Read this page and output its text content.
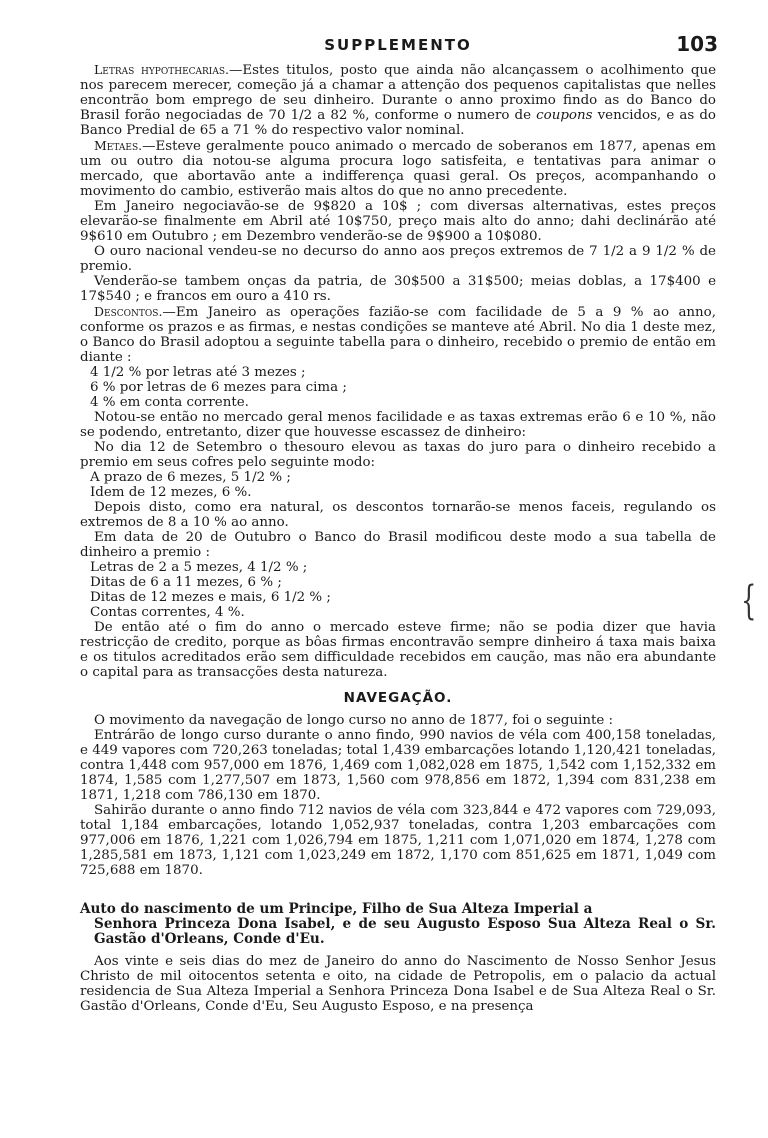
SUPPLEMENTO	103

Letras hypothecarias.—Estes titulos, posto que ainda não alcançassem o acolhimento que nos parecem merecer, começão já a chamar a attenção dos pequenos capitalistas que nelles encontrão bom emprego de seu dinheiro. Durante o anno proximo findo as do Banco do Brasil forão negociadas de 70 1/2 a 82 %, conforme o numero de coupons vencidos, e as do Banco Predial de 65 a 71 % do respectivo valor nominal.

Metaes.—Esteve geralmente pouco animado o mercado de soberanos em 1877, apenas em um ou outro dia notou-se alguma procura logo satisfeita, e tentativas para animar o mercado, que abortavão ante a indifferença quasi geral. Os preços, acompanhando o movimento do cambio, estiverão mais altos do que no anno precedente.

Em Janeiro negociavão-se de 9$820 a 10$ ; com diversas alternativas, estes preços elevarão-se finalmente em Abril até 10$750, preço mais alto do anno; dahi declinárão até 9$610 em Outubro ; em Dezembro venderão-se de 9$900 a 10$080.

O ouro nacional vendeu-se no decurso do anno aos preços extremos de 7 1/2 a 9 1/2 % de premio.

Venderão-se tambem onças da patria, de 30$500 a 31$500; meias doblas, a 17$400 e 17$540 ; e francos em ouro a 410 rs.

Descontos.—Em Janeiro as operações fazião-se com facilidade de 5 a 9 % ao anno, conforme os prazos e as firmas, e nestas condições se manteve até Abril. No dia 1 deste mez, o Banco do Brasil adoptou a seguinte tabella para o dinheiro, recebido o premio de então em diante :

4 1/2 % por letras até 3 mezes ;

6 % por letras de 6 mezes para cima ;

4 % em conta corrente.

Notou-se então no mercado geral menos facilidade e as taxas extremas erão 6 e 10 %, não se podendo, entretanto, dizer que houvesse escassez de dinheiro:

No dia 12 de Setembro o thesouro elevou as taxas do juro para o dinheiro recebido a premio em seus cofres pelo seguinte modo:

A prazo de 6 mezes, 5 1/2 % ;

Idem de 12 mezes, 6 %.

Depois disto, como era natural, os descontos tornarão-se menos faceis, regulando os extremos de 8 a 10 % ao anno.

Em data de 20 de Outubro o Banco do Brasil modificou deste modo a sua tabella de dinheiro a premio :

Letras de 2 a 5 mezes, 4 1/2 % ;

Ditas de 6 a 11 mezes, 6 % ;

Ditas de 12 mezes e mais, 6 1/2 % ;

Contas correntes, 4 %.

De então até o fim do anno o mercado esteve firme; não se podia dizer que havia restricção de credito, porque as bôas firmas encontravão sempre dinheiro á taxa mais baixa e os titulos acreditados erão sem difficuldade recebidos em caução, mas não era abundante o capital para as transacções desta natureza.

NAVEGAÇÃO.

O movimento da navegação de longo curso no anno de 1877, foi o seguinte :

Entrárão de longo curso durante o anno findo, 990 navios de véla com 400,158 toneladas, e 449 vapores com 720,263 toneladas; total 1,439 embarcações lotando 1,120,421 toneladas, contra 1,448 com 957,000 em 1876, 1,469 com 1,082,028 em 1875, 1,542 com 1,152,332 em 1874, 1,585 com 1,277,507 em 1873, 1,560 com 978,856 em 1872, 1,394 com 831,238 em 1871, 1,218 com 786,130 em 1870.

Sahirão durante o anno findo 712 navios de véla com 323,844 e 472 vapores com 729,093, total 1,184 embarcações, lotando 1,052,937 toneladas, contra 1,203 embarcações com 977,006 em 1876, 1,221 com 1,026,794 em 1875, 1,211 com 1,071,020 em 1874, 1,278 com 1,285,581 em 1873, 1,121 com 1,023,249 em 1872, 1,170 com 851,625 em 1871, 1,049 com 725,688 em 1870.

Auto do nascimento de um Principe, Filho de Sua Alteza Imperial a
Senhora Princeza Dona Isabel, e de seu Augusto Esposo Sua Alteza Real o Sr. Gastão d'Orleans, Conde d'Eu.

Aos vinte e seis dias do mez de Janeiro do anno do Nascimento de Nosso Senhor Jesus Christo de mil oitocentos setenta e oito, na cidade de Petropolis, em o palacio da actual residencia de Sua Alteza Imperial a Senhora Princeza Dona Isabel e de Sua Alteza Real o Sr. Gastão d'Orleans, Conde d'Eu, Seu Augusto Esposo, e na presença

{
